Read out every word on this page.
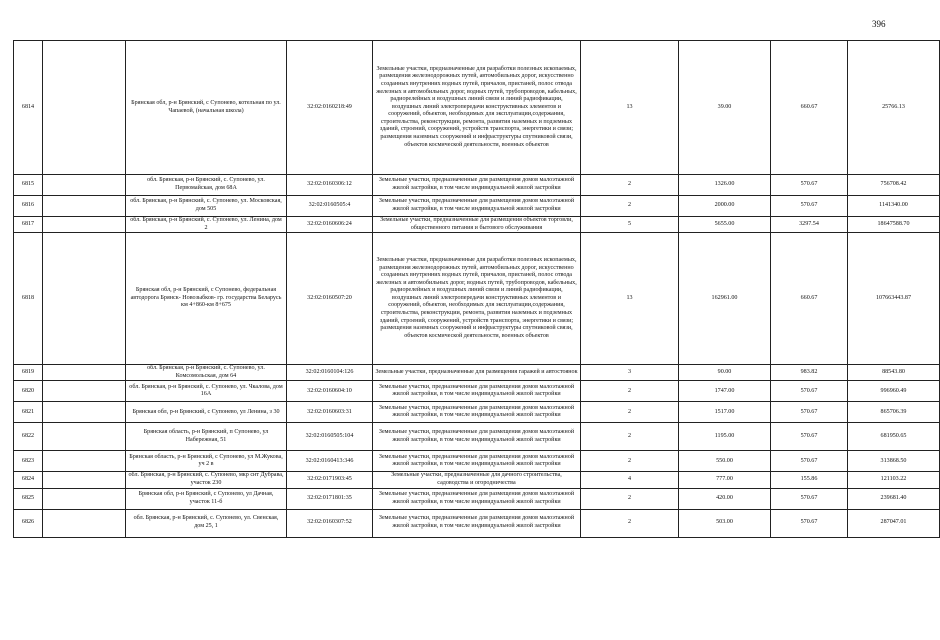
396
6814		Брянская обл, р-н Брянский, с Супонево, котельная по ул. Чапаевой, (начальная школа)	32:02:0160218:49	Земельные участки, предназначенные для разработки полезных ископаемых, размещения железнодорожных путей, автомобильных дорог, искусственно созданных внутренних водных путей, причалов, пристаней, полос отвода железных и автомобильных дорог, водных путей, трубопроводов, кабельных, радиорелейных и воздушных линий связи и линий радиофикации, воздушных линий электропередачи конструктивных элементов и сооружений, объектов, необходимых для эксплуатации,содержания, строительства, реконструкции, ремонта, развития наземных и подземных зданий, строений, сооружений, устройств транспорта, энергетики и связи; размещения наземных сооружений и инфраструктуры спутниковой связи, объектов космической деятельности, военных объектов	13	39.00	660.67	25766.13
6815		обл. Брянская, р-н Брянский, с. Супонево, ул. Первомайская, дом 68А	32:02:0160306:12	Земельные участки, предназначенные для размещения домов малоэтажной жилой застройки, в том числе индивидуальной жилой застройки	2	1326.00	570.67	756708.42
6816		обл. Брянская, р-н Брянский, с. Супонево, ул. Московская, дом 505	32:02:0160505:4	Земельные участки, предназначенные для размещения домов малоэтажной жилой застройки, в том числе индивидуальной жилой застройки	2	2000.00	570.67	1141340.00
6817		обл. Брянская, р-н Брянский, с. Супонево, ул. Ленина, дом 2	32:02:0160606:24	Земельные участки, предназначенные для размещения объектов торговли, общественного питания и бытового обслуживания	5	5655.00	3297.54	18647588.70
6818		Брянская обл, р-н Брянский, с Супонево, федеральная автодорога Брянск- Новозыбков- гр. государства Беларусь км 4+860-км 8+675	32:02:0160507:20	Земельные участки, предназначенные для разработки полезных ископаемых, размещения железнодорожных путей, автомобильных дорог, искусственно созданных внутренних водных путей, причалов, пристаней, полос отвода железных и автомобильных дорог, водных путей, трубопроводов, кабельных, радиорелейных и воздушных линий связи и линий радиофикации, воздушных линий электропередачи конструктивных элементов и сооружений, объектов, необходимых для эксплуатации,содержания, строительства, реконструкции, ремонта, развития наземных и подземных зданий, строений, сооружений, устройств транспорта, энергетики и связи; размещения наземных сооружений и инфраструктуры спутниковой связи, объектов космической деятельности, военных объектов	13	162961.00	660.67	107663443.87
6819		обл. Брянская, р-н Брянский, с. Супонево, ул. Комсомольская, дом 64	32:02:0160104:126	Земельные участки, предназначенные для размещения гаражей и автостоянок	3	90.00	983.82	88543.80
6820		обл. Брянская, р-н Брянский, с. Супонево, ул. Чкалова, дом 16А	32:02:0160604:10	Земельные участки, предназначенные для размещения домов малоэтажной жилой застройки, в том числе индивидуальной жилой застройки	2	1747.00	570.67	996960.49
6821		Брянская обл, р-н Брянский, с Супонево, ул Ленина, з 30	32:02:0160603:31	Земельные участки, предназначенные для размещения домов малоэтажной жилой застройки, в том числе индивидуальной жилой застройки	2	1517.00	570.67	865706.39
6822		Брянская область, р-н Брянский, п Супонево, ул Набережная, 51	32:02:0160505:104	Земельные участки, предназначенные для размещения домов малоэтажной жилой застройки, в том числе индивидуальной жилой застройки	2	1195.00	570.67	681950.65
6823		Брянская область, р-н Брянский, с Супонево, ул М.Жукова, уч 2 в	32:02:0160413:346	Земельные участки, предназначенные для размещения домов малоэтажной жилой застройки, в том числе индивидуальной жилой застройки	2	550.00	570.67	313868.50
6824		обл. Брянская, р-н Брянский, с. Супонево, мкр снт Дубрава, участок 230	32:02:0171903:45	Земельные участки, предназначенные для дачного строительства, садоводства и огородничества	4	777.00	155.86	121103.22
6825		Брянская обл, р-н Брянский, с Супонево, ул Дачная, участок 11-б	32:02:0171801:35	Земельные участки, предназначенные для размещения домов малоэтажной жилой застройки, в том числе индивидуальной жилой застройки	2	420.00	570.67	239681.40
6826		обл. Брянская, р-н Брянский, с. Супонево, ул. Свенская, дом 25, 1	32:02:0160307:52	Земельные участки, предназначенные для размещения домов малоэтажной жилой застройки, в том числе индивидуальной жилой застройки	2	503.00	570.67	287047.01
